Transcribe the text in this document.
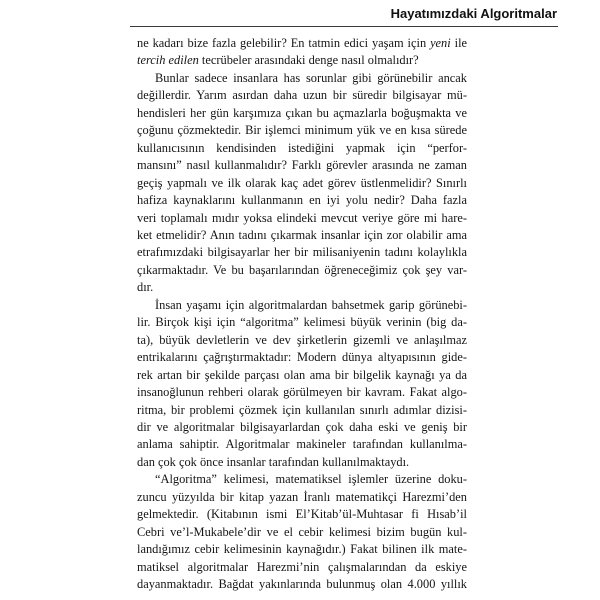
Hayatımızdaki Algoritmalar
ne kadarı bize fazla gelebilir? En tatmin edici yaşam için yeni ile
tercih edilen tecrübeler arasındaki denge nasıl olmalıdır?
Bunlar sadece insanlara has sorunlar gibi görünebilir ancak
değillerdir. Yarım asırdan daha uzun bir süredir bilgisayar mü-
hendisleri her gün karşımıza çıkan bu açmazlarla boğuşmakta ve
çoğunu çözmektedir. Bir işlemci minimum yük ve en kısa sürede
kullanıcısının kendisinden istediğini yapmak için “perfor-
mansını” nasıl kullanmalıdır? Farklı görevler arasında ne zaman
geçiş yapmalı ve ilk olarak kaç adet görev üstlenmelidir? Sınırlı
hafiza kaynaklarını kullanmanın en iyi yolu nedir? Daha fazla
veri toplamalı mıdır yoksa elindeki mevcut veriye göre mi hare-
ket etmelidir? Anın tadını çıkarmak insanlar için zor olabilir ama
etrafımızdaki bilgisayarlar her bir milisaniyenin tadını kolaylıkla
çıkarmaktadır. Ve bu başarılarından öğreneceğimiz çok şey var-
dır.
İnsan yaşamı için algoritmalardan bahsetmek garip görünebi-
lir. Birçok kişi için “algoritma” kelimesi büyük verinin (big da-
ta), büyük devletlerin ve dev şirketlerin gizemli ve anlaşılmaz
entrikalarını çağrıştırmaktadır: Modern dünya altyapısının gide-
rek artan bir şekilde parçası olan ama bir bilgelik kaynağı ya da
insanoğlunun rehberi olarak görülmeyen bir kavram. Fakat algo-
ritma, bir problemi çözmek için kullanılan sınırlı adımlar dizisi-
dir ve algoritmalar bilgisayarlardan çok daha eski ve geniş bir
anlama sahiptir. Algoritmalar makineler tarafından kullanılma-
dan çok çok önce insanlar tarafından kullanılmaktaydı.
“Algoritma” kelimesi, matematiksel işlemler üzerine doku-
zuncu yüzyılda bir kitap yazan İranlı matematikçi Harezmi’den
gelmektedir. (Kitabının ismi El’Kitab’ül-Muhtasar fi Hısab’il
Cebri ve’l-Mukabele’dir ve el cebir kelimesi bizim bugün kul-
landığımız cebir kelimesinin kaynağıdır.) Fakat bilinen ilk mate-
matiksel algoritmalar Harezmi’nin çalışmalarından da eskiye
dayanmaktadır. Bağdat yakınlarında bulunmuş olan 4.000 yıllık
